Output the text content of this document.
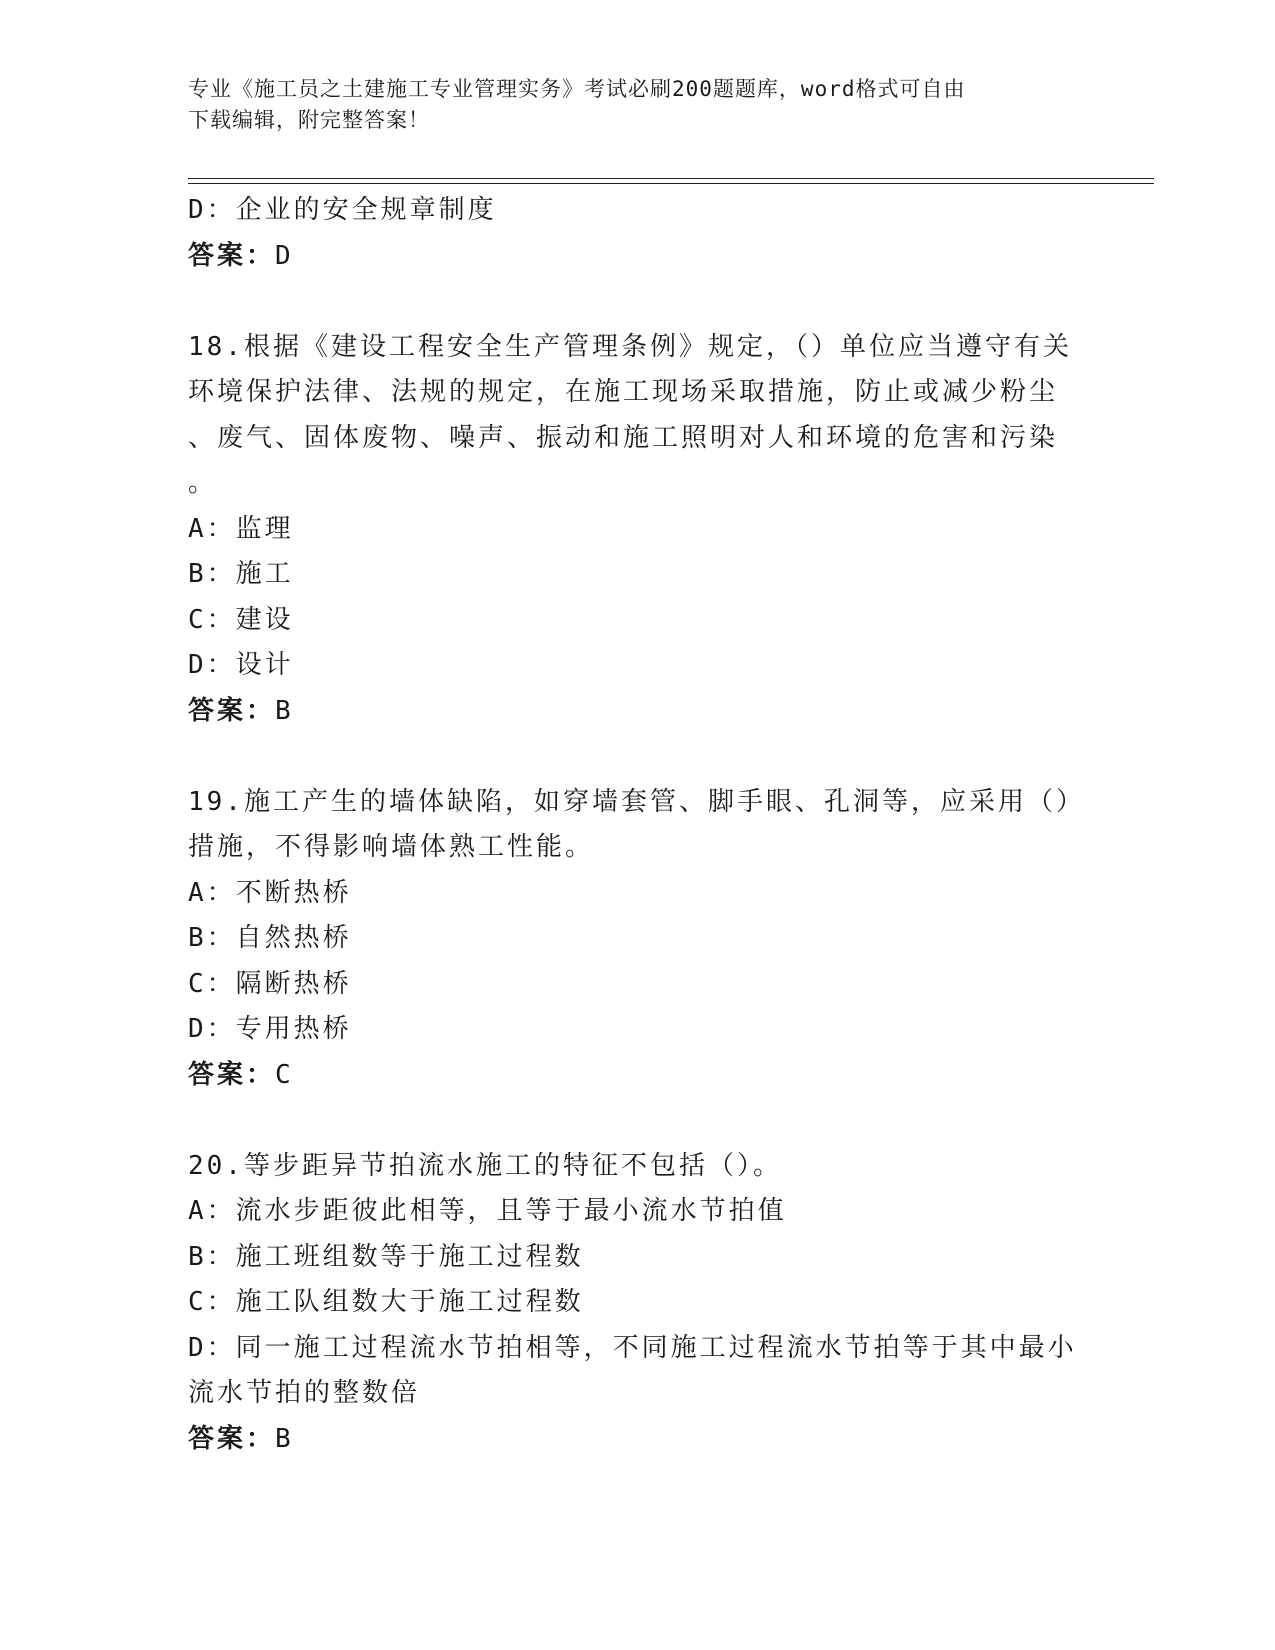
专业《施工员之土建施工专业管理实务》考试必刷200题题库，word格式可自由
下载编辑，附完整答案！
D：企业的安全规章制度
答案：D
18.根据《建设工程安全生产管理条例》规定，（）单位应当遵守有关
环境保护法律、法规的规定，在施工现场采取措施，防止或减少粉尘
、废气、固体废物、噪声、振动和施工照明对人和环境的危害和污染
。
A：监理
B：施工
C：建设
D：设计
答案：B
19.施工产生的墙体缺陷，如穿墙套管、脚手眼、孔洞等，应采用（）
措施，不得影响墙体熟工性能。
A：不断热桥
B：自然热桥
C：隔断热桥
D：专用热桥
答案：C
20.等步距异节拍流水施工的特征不包括（）。
A：流水步距彼此相等，且等于最小流水节拍值
B：施工班组数等于施工过程数
C：施工队组数大于施工过程数
D：同一施工过程流水节拍相等，不同施工过程流水节拍等于其中最小
流水节拍的整数倍
答案：B
